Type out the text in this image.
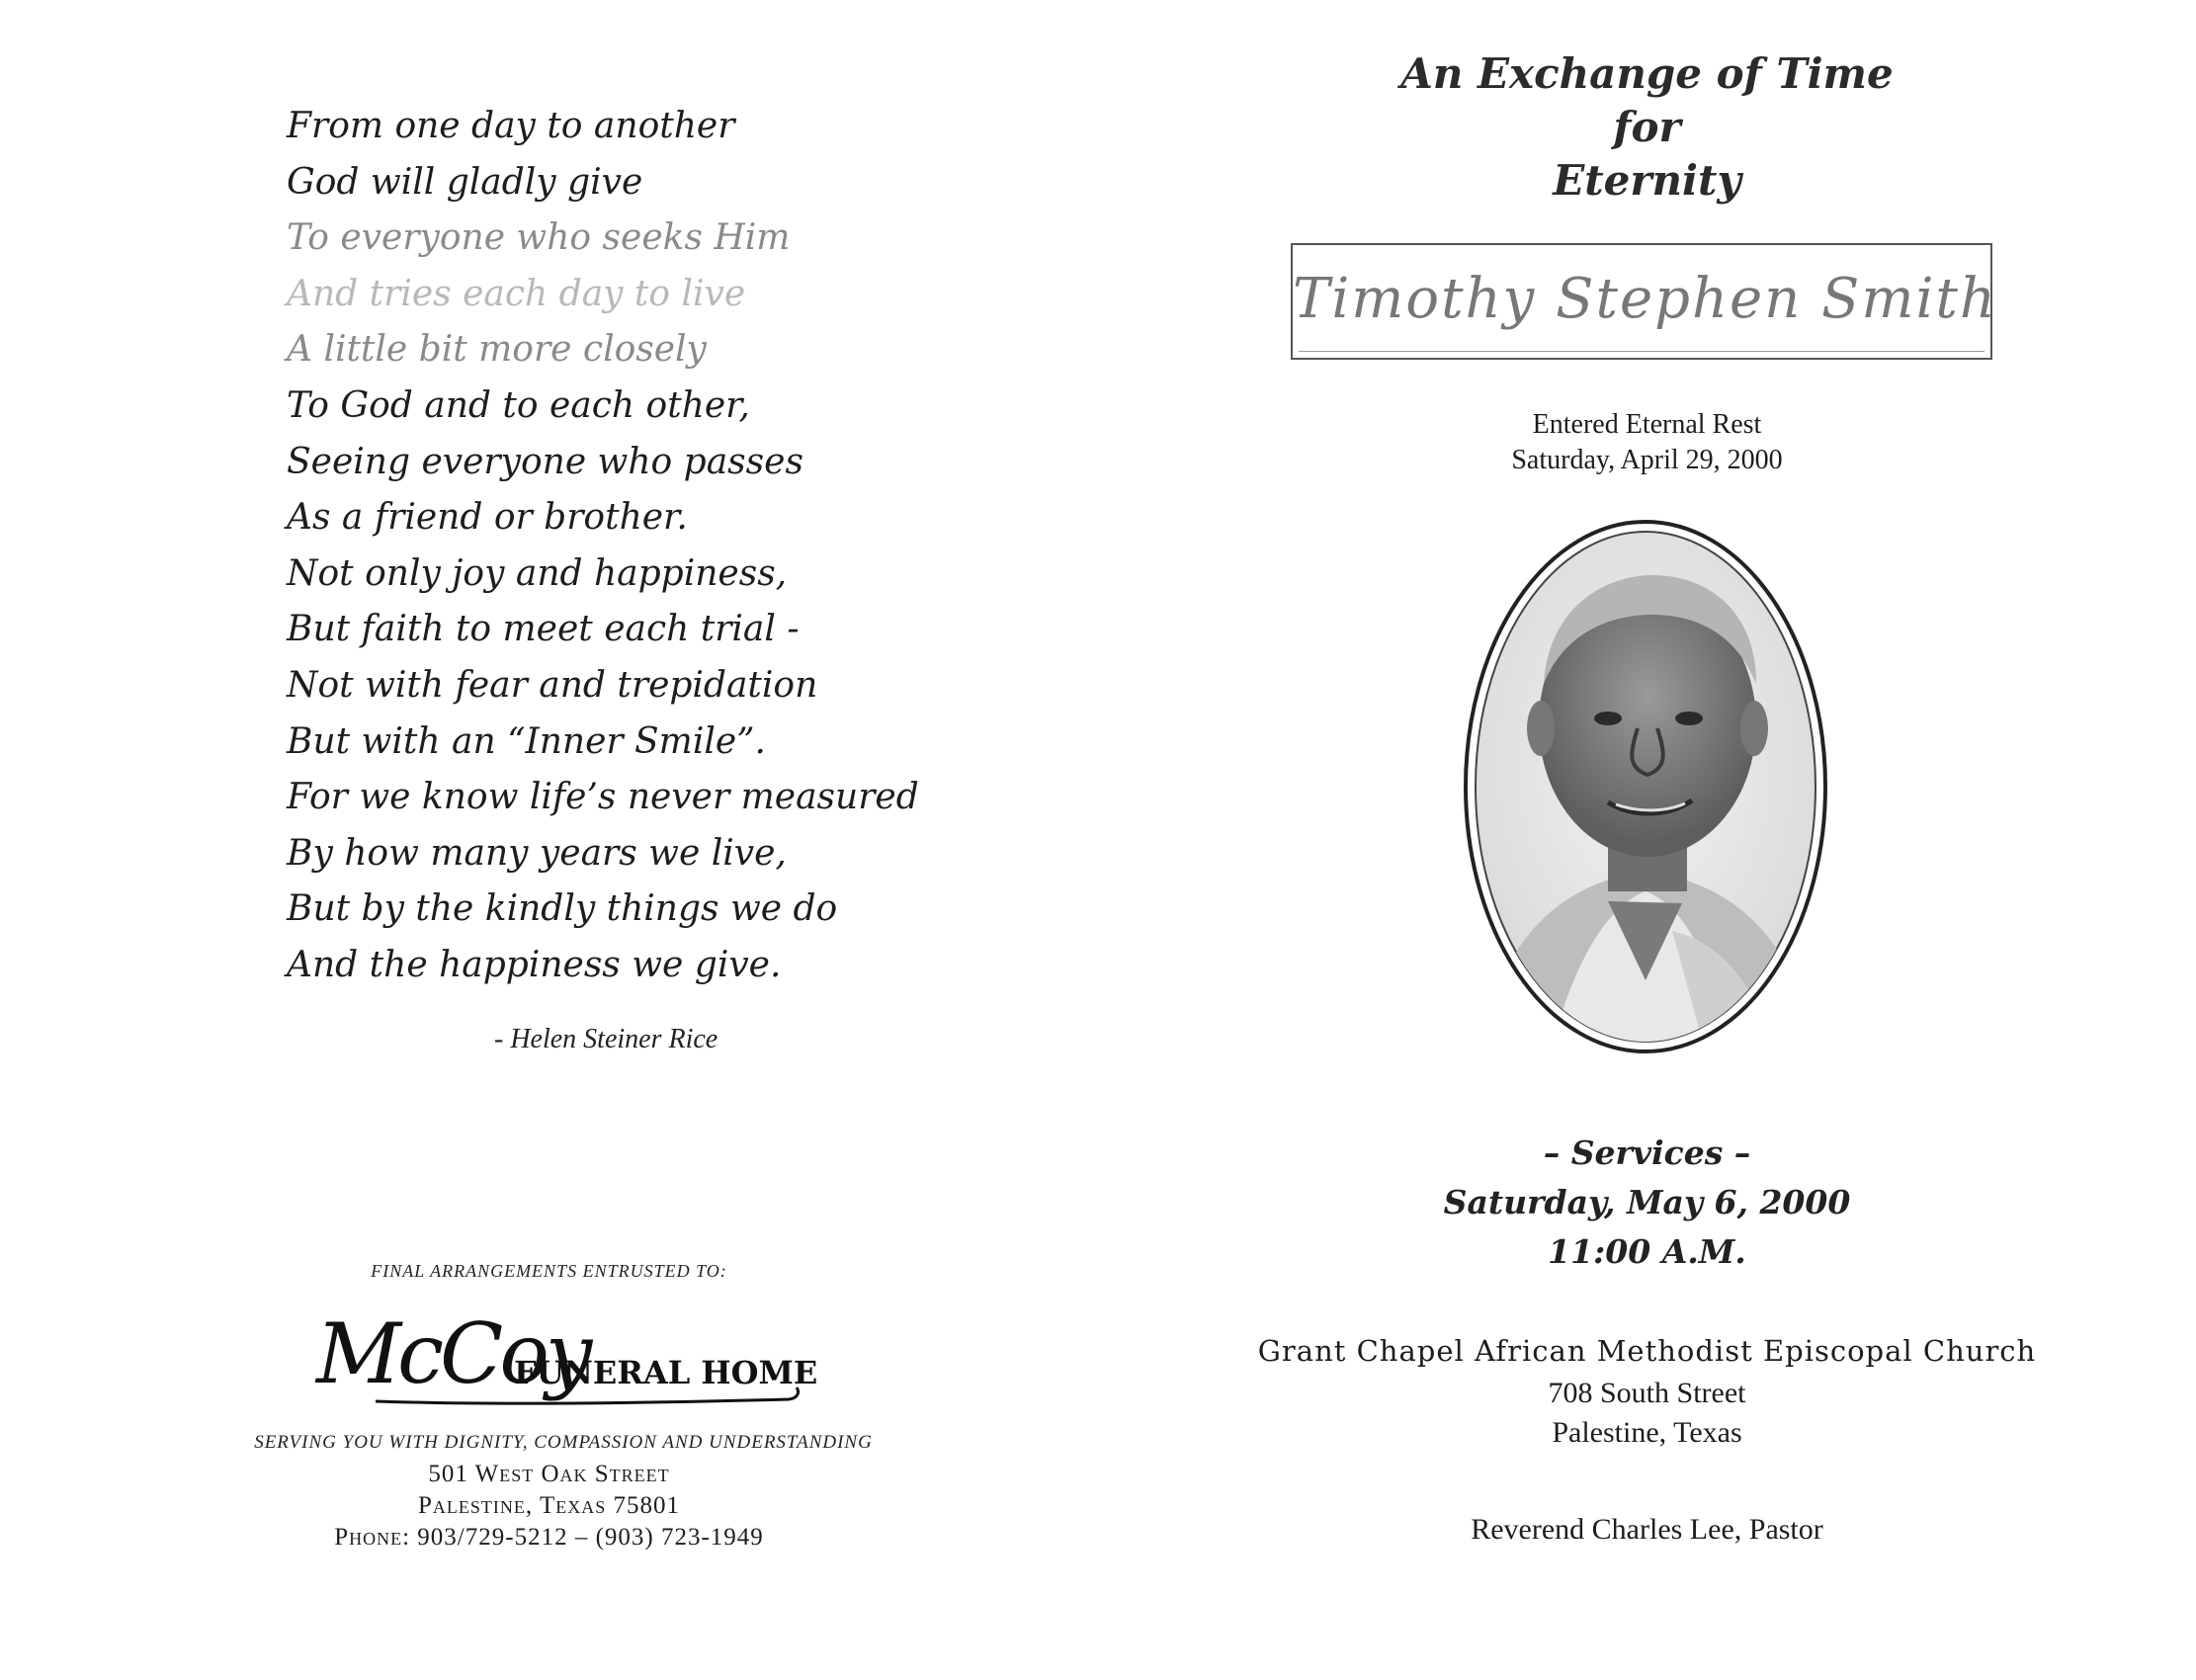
From one day to another
God will gladly give
To everyone who seeks Him
And tries each day to live
A little bit more closely
To God and to each other,
Seeing everyone who passes
As a friend or brother.
Not only joy and happiness,
But faith to meet each trial -
Not with fear and trepidation
But with an “Inner Smile”.
For we know life’s never measured
By how many years we live,
But by the kindly things we do
And the happiness we give.
- Helen Steiner Rice
FINAL ARRANGEMENTS ENTRUSTED TO:
McCoy
FUNERAL HOME
SERVING YOU WITH DIGNITY, COMPASSION AND UNDERSTANDING
501 West Oak Street
Palestine, Texas 75801
Phone: 903/729-5212 – (903) 723-1949
An Exchange of Time
for
Eternity
Timothy Stephen Smith
Entered Eternal Rest
Saturday, April 29, 2000
– Services –
Saturday, May 6, 2000
11:00 A.M.
Grant Chapel African Methodist Episcopal Church
708 South Street
Palestine, Texas
Reverend Charles Lee, Pastor
